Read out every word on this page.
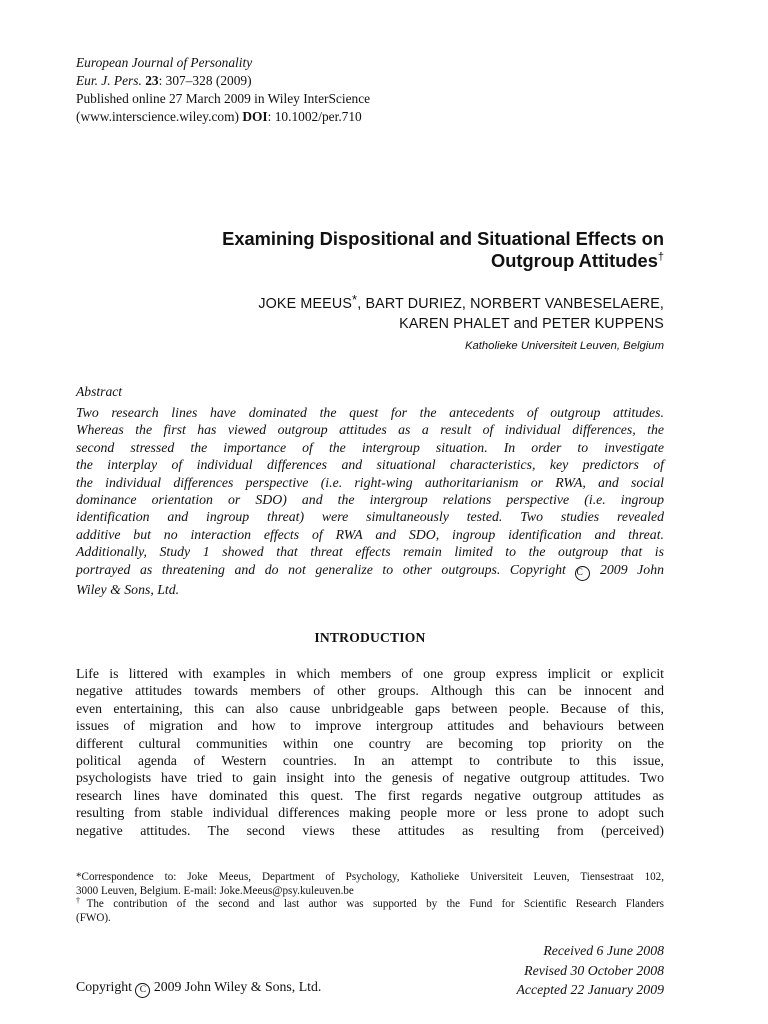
European Journal of Personality
Eur. J. Pers. 23: 307–328 (2009)
Published online 27 March 2009 in Wiley InterScience
(www.interscience.wiley.com) DOI: 10.1002/per.710
Examining Dispositional and Situational Effects on
Outgroup Attitudes†
JOKE MEEUS*, BART DURIEZ, NORBERT VANBESELAERE,
KAREN PHALET and PETER KUPPENS
Katholieke Universiteit Leuven, Belgium
Abstract
Two research lines have dominated the quest for the antecedents of outgroup attitudes.
Whereas the first has viewed outgroup attitudes as a result of individual differences, the
second stressed the importance of the intergroup situation. In order to investigate
the interplay of individual differences and situational characteristics, key predictors of
the individual differences perspective (i.e. right-wing authoritarianism or RWA, and social
dominance orientation or SDO) and the intergroup relations perspective (i.e. ingroup
identification and ingroup threat) were simultaneously tested. Two studies revealed
additive but no interaction effects of RWA and SDO, ingroup identification and threat.
Additionally, Study 1 showed that threat effects remain limited to the outgroup that is
portrayed as threatening and do not generalize to other outgroups. Copyright C 2009 John
Wiley & Sons, Ltd.
INTRODUCTION
Life is littered with examples in which members of one group express implicit or explicit
negative attitudes towards members of other groups. Although this can be innocent and
even entertaining, this can also cause unbridgeable gaps between people. Because of this,
issues of migration and how to improve intergroup attitudes and behaviours between
different cultural communities within one country are becoming top priority on the
political agenda of Western countries. In an attempt to contribute to this issue,
psychologists have tried to gain insight into the genesis of negative outgroup attitudes. Two
research lines have dominated this quest. The first regards negative outgroup attitudes as
resulting from stable individual differences making people more or less prone to adopt such
negative attitudes. The second views these attitudes as resulting from (perceived)
*Correspondence to: Joke Meeus, Department of Psychology, Katholieke Universiteit Leuven, Tiensestraat 102,
3000 Leuven, Belgium. E-mail: Joke.Meeus@psy.kuleuven.be
†The contribution of the second and last author was supported by the Fund for Scientific Research Flanders
(FWO).
Received 6 June 2008
Revised 30 October 2008
Accepted 22 January 2009
Copyright C 2009 John Wiley & Sons, Ltd.
